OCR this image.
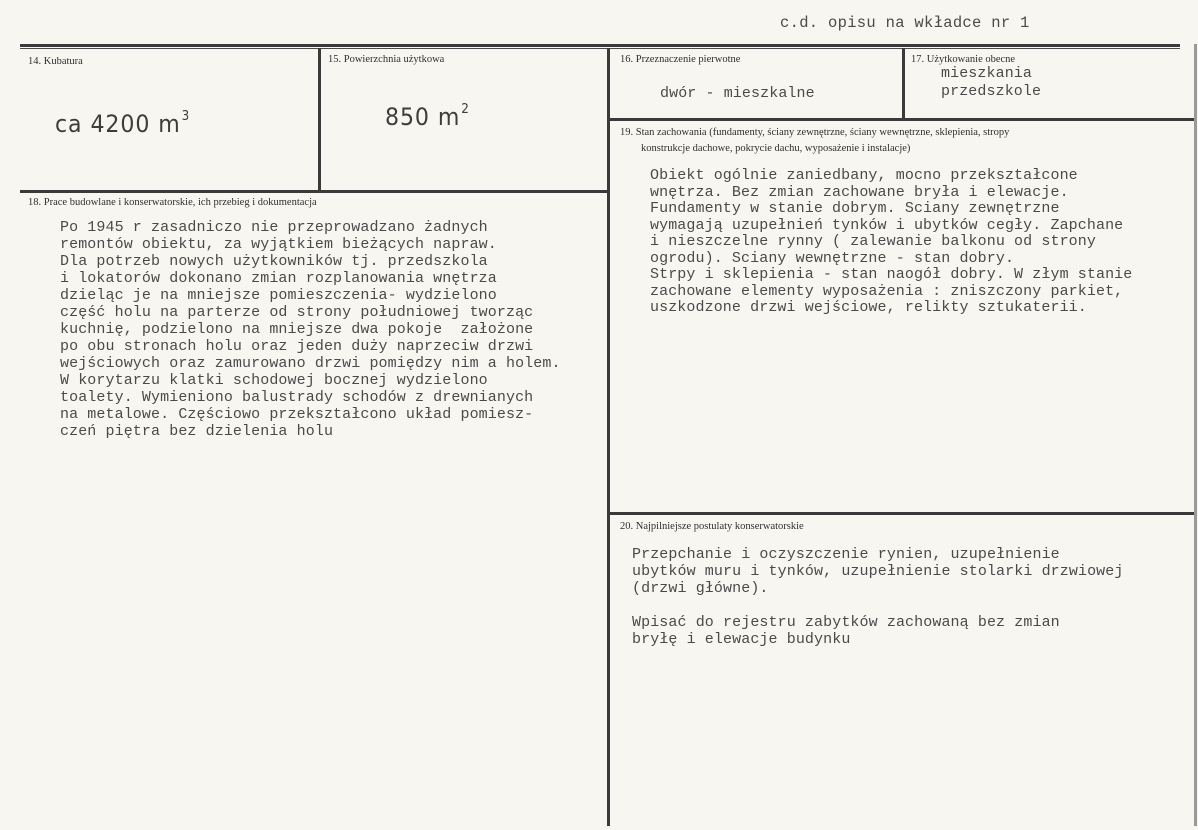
c.d. opisu na wkładce nr 1
14. Kubatura
ca 4200 $m^3$
15. Powierzchnia użytkowa
850 $m^2$
16. Przeznaczenie pierwotne
dwór - mieszkalne
17. Użytkowanie obecne
mieszkania
przedszkole
19. Stan zachowania (fundamenty, ściany zewnętrzne, ściany wewnętrzne, sklepienia, stropy
konstrukcje dachowe, pokrycie dachu, wyposażenie i instalacje)
Obiekt ogólnie zaniedbany, mocno przekształcone
wnętrza. Bez zmian zachowane bryła i elewacje.
Fundamenty w stanie dobrym. Sciany zewnętrzne
wymagają uzupełnień tynków i ubytków cegły. Zapchane
i nieszczelne rynny ( zalewanie balkonu od strony
ogrodu). Sciany wewnętrzne - stan dobry.
Strpy i sklepienia - stan naogół dobry. W złym stanie
zachowane elementy wyposażenia : zniszczony parkiet,
uszkodzone drzwi wejściowe, relikty sztukaterii.
18. Prace budowlane i konserwatorskie, ich przebieg i dokumentacja
Po 1945 r zasadniczo nie przeprowadzano żadnych
remontów obiektu, za wyjątkiem bieżących napraw.
Dla potrzeb nowych użytkowników tj. przedszkola
i lokatorów dokonano zmian rozplanowania wnętrza
dzieląc je na mniejsze pomieszczenia- wydzielono
część holu na parterze od strony południowej tworząc
kuchnię, podzielono na mniejsze dwa pokoje  założone
po obu stronach holu oraz jeden duży naprzeciw drzwi
wejściowych oraz zamurowano drzwi pomiędzy nim a holem.
W korytarzu klatki schodowej bocznej wydzielono
toalety. Wymieniono balustrady schodów z drewnianych
na metalowe. Częściowo przekształcono układ pomiesz-
czeń piętra bez dzielenia holu
20. Najpilniejsze postulaty konserwatorskie
Przepchanie i oczyszczenie rynien, uzupełnienie
ubytków muru i tynków, uzupełnienie stolarki drzwiowej
(drzwi główne).
Wpisać do rejestru zabytków zachowaną bez zmian
bryłę i elewacje budynku
